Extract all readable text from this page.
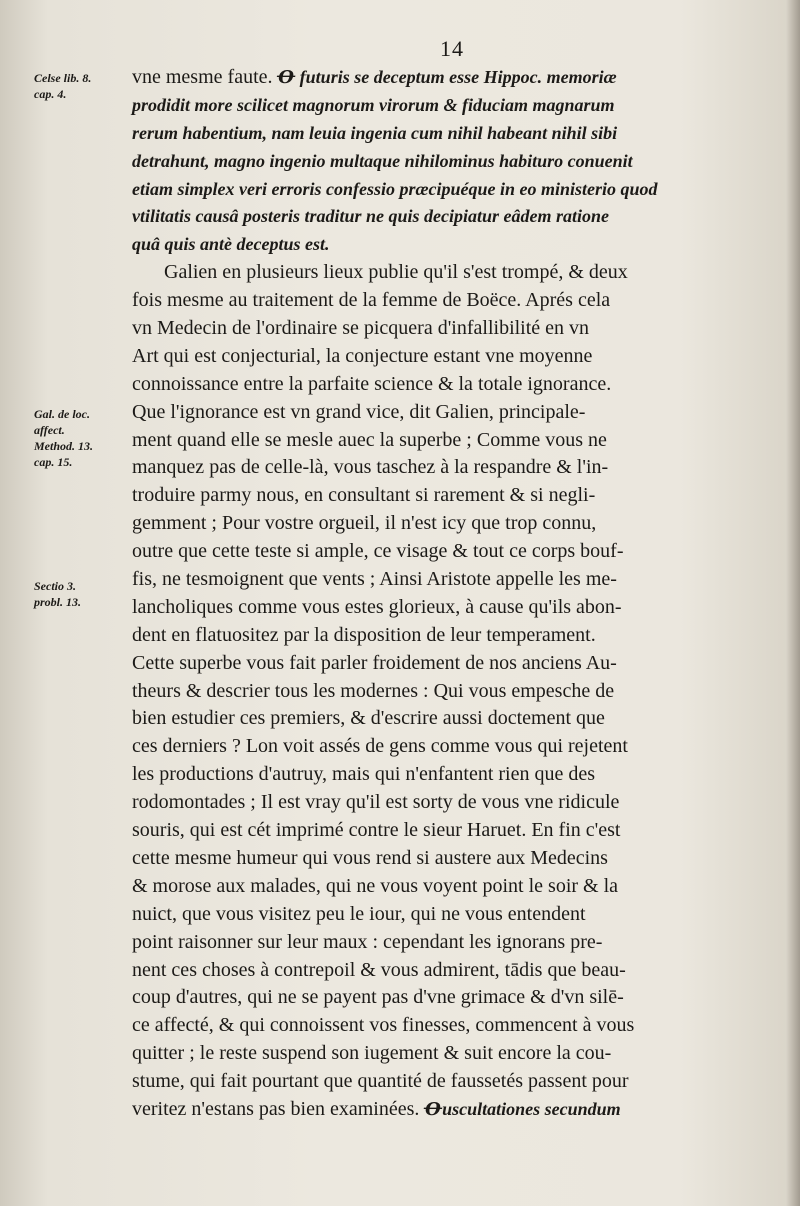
14
Celse lib. 8.
cap. 4.
Gal. de loc.
affect.
Method. 13.
cap. 15.
Sectio 3.
probl. 13.
vne mesme faute. Ꝋ futuris se deceptum esse Hippoc. memoriæ
prodidit more scilicet magnorum virorum & fiduciam magnarum
rerum habentium, nam leuia ingenia cum nihil habeant nihil sibi
detrahunt, magno ingenio multaque nihilominus habituro conuenit
etiam simplex veri erroris confessio præcipuéque in eo ministerio quod
vtilitatis causâ posteris traditur ne quis decipiatur eâdem ratione
quâ quis antè deceptus est.
Galien en plusieurs lieux publie qu'il s'est trompé, & deux
fois mesme au traitement de la femme de Boëce. Aprés cela
vn Medecin de l'ordinaire se picquera d'infallibilité en vn
Art qui est conjecturial, la conjecture estant vne moyenne
connoissance entre la parfaite science & la totale ignorance.
Que l'ignorance est vn grand vice, dit Galien, principale-
ment quand elle se mesle auec la superbe ; Comme vous ne
manquez pas de celle-là, vous taschez à la respandre & l'in-
troduire parmy nous, en consultant si rarement & si negli-
gemment ; Pour vostre orgueil, il n'est icy que trop connu,
outre que cette teste si ample, ce visage & tout ce corps bouf-
fis, ne tesmoignent que vents ; Ainsi Aristote appelle les me-
lancholiques comme vous estes glorieux, à cause qu'ils abon-
dent en flatuositez par la disposition de leur temperament.
Cette superbe vous fait parler froidement de nos anciens Au-
theurs & descrier tous les modernes : Qui vous empesche de
bien estudier ces premiers, & d'escrire aussi doctement que
ces derniers ? Lon voit assés de gens comme vous qui rejetent
les productions d'autruy, mais qui n'enfantent rien que des
rodomontades ; Il est vray qu'il est sorty de vous vne ridicule
souris, qui est cét imprimé contre le sieur Haruet. En fin c'est
cette mesme humeur qui vous rend si austere aux Medecins
& morose aux malades, qui ne vous voyent point le soir & la
nuict, que vous visitez peu le iour, qui ne vous entendent
point raisonner sur leur maux : cependant les ignorans pre-
nent ces choses à contrepoil & vous admirent, tādis que beau-
coup d'autres, qui ne se payent pas d'vne grimace & d'vn silē-
ce affecté, & qui connoissent vos finesses, commencent à vous
quitter ; le reste suspend son iugement & suit encore la cou-
stume, qui fait pourtant que quantité de faussetés passent pour
veritez n'estans pas bien examinées. Ꝋuscultationes secundum
